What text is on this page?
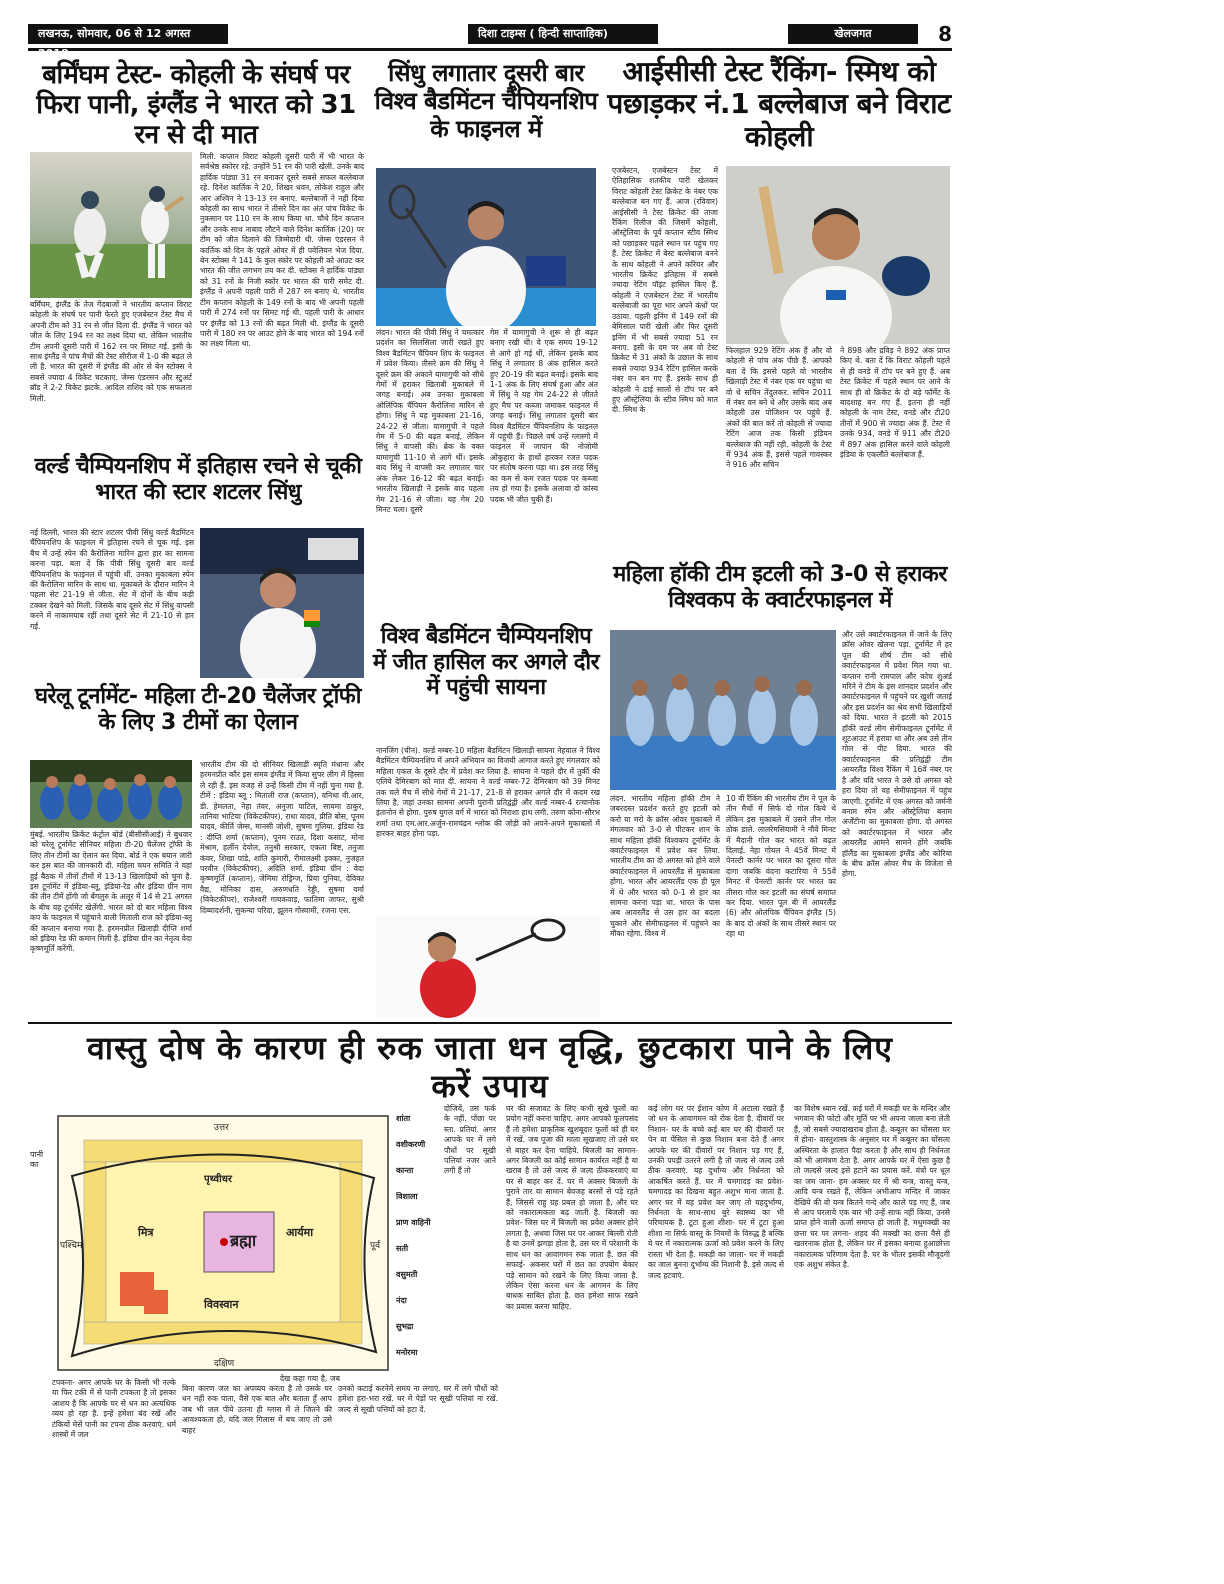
लखनऊ, सोमवार, 06 से 12 अगस्त 2018
दिशा टाइम्स ( हिन्दी साप्ताहिक)	खेलजगत	8
बर्मिंघम टेस्ट- कोहली के संघर्ष पर फिरा पानी, इंग्लैंड ने भारत को 31 रन से दी मात
बर्मिंघम, इंग्लैंड के तेज गेंदबाजों ने भारतीय कप्तान विराट कोहली के संघर्ष पर पानी फेरते हुए एजबेस्टन टेस्ट मैच में अपनी टीम को 31 रन से जीत दिला दी. इंग्लैंड ने भारत को जीत के लिए 194 रन का लक्ष्य दिया था. लेकिन भारतीय टीम अपनी दूसरी पारी में 162 रन पर सिमट गई. इसी के साथ इंग्लैंड ने पांच मैचों की टेस्ट सीरीज में 1-0 की बढ़त ले ली है. भारत की दूसरी में इंग्लैंड की ओर से बेन स्टोक्स ने सबसे ज्यादा 4 विकेट चटकाए. जेम्स एंडरसन और स्टुअर्ट ब्रॉड ने 2-2 विकेट झटके. आदिल राशिद को एक सफलता मिली.
मिली. कप्तान विराट कोहली दूसरी पारी में भी भारत के सर्वश्रेष्ठ स्कोरर रहे. उन्होंने 51 रन की पारी खेली. उनके बाद हार्दिक पांड्या 31 रन बनाकर दूसरे सबसे सफल बल्लेबाज रहे. दिनेश कार्तिक ने 20, शिखर धवन, लोकेश राहुल और आर अश्विन ने 13-13 रन बनाए. बल्लेबाजों ने नहीं दिया कोहली का साथ भारत ने तीसरे दिन का अंत पांच विकेट के नुकसान पर 110 रन के साथ किया था. चौथे दिन कप्तान और उनके साथ नाबाद लौटने वाले दिनेश कार्तिक (20) पर टीम को जीत दिलाने की जिम्मेदारी थी. जेम्स एंडरसन ने कार्तिक को दिन के पहले ओवर में ही पवेलियन भेज दिया. बेन स्टोक्स ने 141 के कुल स्कोर पर कोहली को आउट कर भारत की जीत लगभग तय कर दी. स्टोक्स ने हार्दिक पांड्या को 31 रनों के निजी स्कोर पर भारत की पारी समेट दी. इंग्लैंड ने अपनी पहली पारी में 287 रन बनाए थे. भारतीय टीम कप्तान कोहली के 149 रनों के बाद भी अपनी पहली पारी में 274 रनों पर सिमट गई थी. पहली पारी के आधार पर इंग्लैंड को 13 रनों की बढ़त मिली थी. इंग्लैंड के दूसरी पारी में 180 रन पर आउट होने के बाद भारत को 194 रनों का लक्ष्य मिला था.
वर्ल्ड चैम्पियनशिप में इतिहास रचने से चूकी भारत की स्टार शटलर सिंधु
नई दिल्ली. भारत की स्टार शटलर पीवी सिंधु वर्ल्ड बैडमिंटन चैंपियनशिप के फाइनल में इतिहास रचने से चूक गई. इस बैच में उन्हें स्पेन की कैरोलिना मारिन द्वारा हार का सामना करना पड़ा. बता दें कि पीवी सिंधु दूसरी बार वर्ल्ड चैंपियनशिप के फाइनल में पहुंची थीं. उनका मुकाबला स्पेन की कैरोलिना मारिन के साथ था. मुकाबले के दौरान मारिन ने पहला सेट 21-19 से जीता. सेट में दोनों के बीच कड़ी टक्कर देखने को मिली. जिसके बाद दूसरे सेट में सिंधु वापसी करने में नाकामयाब रहीं तथा दूसरे सेट में 21-10 से हार गईं.
घरेलू टूर्नामेंट- महिला टी-20 चैलेंजर ट्रॉफी के लिए 3 टीमों का ऐलान
मुंबई. भारतीय क्रिकेट कंट्रोल बोर्ड (बीसीसीआई) ने बुधवार को घरेलू टूर्नामेंट सीनियर महिला टी-20 चैलेंजर ट्रॉफी के लिए तीन टीमों का ऐलान कर दिया. बोर्ड ने एक बयान जारी कर इस बात की जानकारी दी. महिला चयन समिति ने यहां हुई बैठक में तीनों टीमों में 13-13 खिलाड़ियों को चुना है. इस टूर्नामेंट में इंडिया-ब्लू, इंडिया-रेड और इंडिया ग्रीन नाम की तीन टीमें होंगी जो बेंगलुरु के अलूर में 14 से 21 अगस्त के बीच यह टूर्नामेंट खेलेंगी. भारत को दो बार महिला विश्व कप के फाइनल में पहुंचाने वाली मिताली राज को इंडिया-ब्लू की कप्तान बनाया गया है. हरमनप्रीत खिलाड़ी दीप्ति शर्मा को इंडिया रेड की कमान मिली है. इंडिया ग्रीन का नेतृत्व वेदा कृष्णमूर्ति करेंगी.
भारतीय टीम की दो सीनियर खिलाड़ी स्मृति मंधाना और हरमनप्रीत कौर इस समय इंग्लैंड में किया सुपर लीग में हिस्सा ले रही हैं. इस वजह से उन्हें किसी टीम में नहीं चुना गया है. टीमें : इंडिया ब्लू : मिताली राज (कप्तान), वनिथा वी.आर, डी. हेमलता, नेहा तंवर, अनुजा पाटिल, सायमा ठाकुर, तानिया भाटिया (विकेटकीपर), राधा यादव, प्रीति बोस, पूनम यादव, कीर्ति जेम्स, मानसी जोशी, सुषमा गुलिया. इंडिया रेड : दीप्ति शर्मा (कप्तान), पूनम राउत, दिशा कसाट, मोना मेश्राम, हर्लीन देयोल, तनुश्री सरकार, एकता बिष्ट, तनुजा कंवर, शिखा पांडे, शांति कुमारी, रीमालक्ष्मी इक्का, नुजहत परवीन (विकेटकीपर), अदिति शर्मा. इंडिया ग्रीन : वेदा कृष्णमूर्ति (कप्तान), जेमिमा रोड्रिग्ज, प्रिया पुनिया, देविका वैद्य, मोनिका दास, अरुणधति रेड्डी, सुषमा वर्मा (विकेटकीपर), राजेश्वरी गायकवाड़, फातिमा जाफर, सुश्री दिब्यादर्शनी, सुकन्या परिदा, झूलन गोस्वामी, रजना एस.
सिंधु लगातार दूसरी बार विश्व बैडमिंटन चैंपियनशिप के फाइनल में
लंदन। भारत की पीवी सिंधु ने चमत्कार प्रदर्शन का सिलसिला जारी रखते हुए विश्व बैडमिंटन चैंपियन शिप के फाइनल में प्रवेश किया। तीसरे क्रम की सिंधु ने दूसरे क्रम की अकाने यामागुची को सीधे गेमों में हराकर खिताबी मुकाबले में जगह बनाई। अब उनका मुकाबला ओलिंपिक चैंपियन कैरोलिना मारिन से होगा। सिंधु ने यह मुकाबला 21-16, 24-22 से जीता। यामागुची ने पहले गेम में 5-0 की बढ़त बनाई, लेकिन सिंधु ने वापसी की। ब्रेक के वक्त यामागुची 11-10 से आगे थीं। इसके बाद सिंधु ने वापसी कर लगातार चार अंक लेकर 16-12 की बढ़त बनाई। भारतीय खिलाड़ी ने इसके बाद पहला गेम 21-16 से जीता। यह गेम 20 मिनट चला। दूसरे
गेम में यामागुची ने शुरू से ही बढ़त बनाए रखी थी। वे एक समय 19-12 से आगे हो गई थीं, लेकिन इसके बाद सिंधु ने लगातार 8 अंक हासिल करते हुए 20-19 की बढ़त बनाई। इसके बाद 1-1 अंक के लिए संघर्ष हुआ और अंत में सिंधु ने यह गेम 24-22 से जीतते हुए मैच पर कब्जा जमाकर फाइनल में जगह बनाई। सिंधु लगातार दूसरी बार विश्व बैडमिंटन चैंपियनशिप के फाइनल में पहुंची हैं। पिछले वर्ष उन्हें ग्लास्गो में फाइनल में जापान की नोजोमी ओकुहारा के हाथों हारकर रजत पदक पर संतोष करना पड़ा था। इस तरह सिंधु का कम से कम रजत पदक पर कब्जा तय हो गया है। इसके अलावा दो कांस्य पदक भी जीत चुकी हैं।
विश्व बैडमिंटन चैम्पियनशिप में जीत हासिल कर अगले दौर में पहुंची सायना
नानजिंग (चीन). वर्ल्ड नम्बर-10 महिला बैडमिंटन खिलाड़ी सायना नेहवाल ने विश्व बैडमिंटन चैम्पियनशिप में अपने अभियान का विजयी आगाज करते हुए मंगलवार को महिला एकल के दूसरे दौर में प्रवेश कर लिया है. सायना ने पहले दौर में तुर्की की एलिये देमिरबाग को मात दी. सायना ने वर्ल्ड नम्बर-72 देमिरबाग को 39 मिनट तक चले मैच में सीधे गेमों में 21-17, 21-8 से हराकर अगले दौर में कदम रख लिया है, जहां उनका सामना अपनी पुरानी प्रतिद्वंद्वी और वर्ल्ड नम्बर-4 रत्चानोक इंतानोन से होगा. पुरुष युगल वर्ग में भारत को निराशा हाथ लगी. तरुण कोना-सौरभ शर्मा तथा एम.आर.अर्जुन-रामचंद्रन श्लोक की जोड़ी को अपने-अपने मुकाबलों में हारकर बाहर होना पड़ा.
आईसीसी टेस्ट रैंकिंग- स्मिथ को पछाड़कर नं.1 बल्लेबाज बने विराट कोहली
एजबेस्टन, एजबेस्टन टेस्ट में ऐतिहासिक शतकीय पारी खेलकर विराट कोहली टेस्ट क्रिकेट के नंबर एक बल्लेबाज बन गए हैं. आज (रविवार) आईसीसी ने टेस्ट क्रिकेट की ताजा रैंकिंग रिलीज की जिसमें कोहली, ऑस्ट्रेलिया के पूर्व कप्तान स्टीव स्मिथ को पछाड़कर पहले स्थान पर पहुंच गए हैं. टेस्ट क्रिकेट में बेस्ट बल्लेबाज बनने के साथ कोहली ने अपने करियर और भारतीय क्रिकेट इतिहास में सबसे ज्यादा रेटिंग पॉइंट हासिल किए हैं. कोहली ने एजबेस्टन टेस्ट में भारतीय बल्लेबाजी का पूरा भार अपने कंधों पर उठाया. पहली इनिंग में 149 रनों की बेमिसाल पारी खेली और फिर दूसरी इनिंग में भी सबसे ज्यादा 51 रन बनाए. इसी के दम पर अब वो टेस्ट क्रिकेट में 31 अंकों के उछाल के साथ सबसे ज्यादा 934 रेटिंग हासिल करके नंबर वन बन गए हैं. इसके साथ ही कोहली ने ढाई सालों से टॉप पर बने हुए ऑस्ट्रेलिया के स्टीव स्मिथ को मात दी. स्मिथ के
फिलहाल 929 रेटिंग अंक हैं और वो कोहली से पांच अंक पीछे हैं. आपको बता दें कि इससे पहले वो भारतीय खिलाड़ी टेस्ट में नंबर एक पर पहुंचा था वो थे सचिन तेंदुलकर. सचिन 2011 में नंबर वन बने थे और उसके बाद अब कोहली उस पोजिशन पर पहुंचे हैं. अंकों की बात करें तो कोहली से ज्यादा रेटिंग आज तक किसी इंडियन बल्लेबाज की नहीं रही. कोहली के टेस्ट में 934 अंक हैं, इससे पहले गावस्कर ने 916 और सचिन
ने 898 और द्रविड़ ने 892 अंक प्राप्त किए थे. बता दें कि विराट कोहली पहले से ही वनडे में टॉप पर बने हुए हैं. अब टेस्ट क्रिकेट में पहले स्थान पर आने के साथ ही वो क्रिकेट के दो बड़े फॉर्मेट के बादशाह बन गए हैं. इतना ही नहीं कोहली के नाम टेस्ट, वनडे और टी20 तीनों में 900 से ज्यादा अंक हैं. टेस्ट में उनके 934, वनडे में 911 और टी20 में 897 अंक हासिल करने वाले कोहली इंडिया के एकलौते बल्लेबाज हैं.
महिला हॉकी टीम इटली को 3-0 से हराकर विश्वकप के क्वार्टरफाइनल में
और उसे क्वार्टरफाइनल में जाने के लिए क्रॉस ओवर खेलना पड़ा. टूर्नामेंट में हर पूल की शीर्ष टीम को सीधे क्वार्टरफाइनल में प्रवेश मिल गया था. कप्तान रानी रामपाल और कोच शुअर्ड मरिने ने टीम के इस शानदार प्रदर्शन और क्वार्टरफाइनल में पहुंचने पर खुशी जताई और इस प्रदर्शन का श्रेय सभी खिलाड़ियों को दिया. भारत ने इटली को 2015 हॉकी वर्ल्ड लीग सेमीफाइनल टूर्नामेंट में शूटआउट में हराया था और अब उसे तीन गोल से पीट दिया. भारत की क्वार्टरफाइनल की प्रतिद्वंद्वी टीम आयरलैंड विश्व रैंकिंग में 16वें नंबर पर है और यदि भारत ने उसे दो अगस्त को हरा दिया तो वह सेमीफाइनल में पहुंच जाएगी. टूर्नामेंट में एक अगस्त को जर्मनी बनाम स्पेन और ऑस्ट्रेलिया बनाम अर्जेंटीना का मुकाबला होगा. दो अगस्त को क्वार्टरफाइनल में भारत और आयरलैंड आमने सामने होंगे जबकि हॉलैंड का मुकाबला इंग्लैंड और कोरिया के बीच क्रॉस ओवर मैच के विजेता से होगा.
लंदन. भारतीय महिला हॉकी टीम ने जबरदस्त प्रदर्शन करते हुए इटली को करो या मरो के क्रॉस ओवर मुकाबले में मंगलवार को 3-0 से पीटकर शान के साथ महिला हॉकी विश्वकप टूर्नामेंट के क्वार्टरफाइनल में प्रवेश कर लिया. भारतीय टीम का दो अगस्त को होने वाले क्वार्टरफाइनल में आयरलैंड से मुकाबला होगा. भारत और आयरलैंड एक ही पूल में थे और भारत को 0-1 से हार का सामना करना पड़ा था. भारत के पास अब आयरलैंड से उस हार का बदला चुकाने और सेमीफाइनल में पहुंचने का मौका रहेगा. विश्व में
10 वीं रैंकिंग की भारतीय टीम ने पूल के तीन मैचों में सिर्फ दो गोल किये थे लेकिन इस मुकाबले में उसने तीन गोल ठोक डाले. लालरेमसियामी ने नौवें मिनट में मैदानी गोल कर भारत को बढ़त दिलाई. नेहा गोयल ने 45वें मिनट में पेनल्टी कार्नर पर भारत का दूसरा गोल दागा जबकि वंदना कटारिया ने 55वें मिनट में पेनल्टी कार्नर पर भारत का तीसरा गोल कर इटली का संघर्ष समाप्त कर दिया. भारत पूल बी में आयरलैंड (6) और ओलंपिक चैंपियन इंग्लैंड (5) के बाद दो अंकों के साथ तीसरे स्थान पर रहा था
वास्तु दोष के कारण ही रुक जाता धन वृद्धि, छुटकारा पाने के लिए
करें उपाय
ब्रह्मा
मित्र	आर्यमा
विवस्वान
पृथ्वीधर
उत्तर
दक्षिण
पूर्व
पश्चिम
पानी का
शांता
वशीकरणी
कान्ता
विशाला
प्राण वाहिनी
सती
वसुमती
नंदा
सुभद्रा
मनोरमा
दोजियें, उस फर्क के नहीं. पोंछा पर स्ता. प्रतियां. अगर आपके घर में लगे पौधों पर सूखी पत्तियां नजर आने लगी हैं तो
घर की सजावट के लिए कभी सूखे फूलों का प्रयोग नहीं करना चाहिए. अगर आपको फूलपसंद हैं तो हमेशा प्राकृतिक खुशबूदार फूलों को ही घर में रखें. जब पूजा की माला सूखजाए तो उसे घर से बाहर कर देना चाहिये. बिजली का सामान- अगर बिजली का कोई सामान कार्यरत नहीं है या खराब है तो उसे जल्द से जल्द ठीककरवाएं या घर से बाहर कर दें. घर में अक्सर बिजली के पुराने तार या सामान बेवजह बरसों से पड़े रहते हैं, जिससे राहु ग्रह प्रबल हो जाता है, और घर को नकारात्मकता बढ़ जाती है. बिजली का प्रवेश- जिस घर में बिजली का प्रवेश अक्सर होने लगता है, अथवा जिस घर पर आकर बिल्ली रोती है या उनमें झगड़ा होता है, उस घर में परेशानी के साथ धन का आवागमन रुक जाता है. छत की सफाई- अकसर घरों में छत का उपयोग बेकार पड़े सामान को रखने के लिए किया जाता है. लेकिन ऐसा करना धन के आगमन के लिए बाधक साबित होता है. छत हमेशा साफ रखने का प्रयास करना चाहिए.
कई लोग घर पर ईशान कोण में अटाला रखते हैं जो धन के आवागमन को रोक देता है. दीवारों पर निशान- घर के बच्चे कई बार घर की दीवारों पर पेन या पेंसिल से कुछ निशान बना देते हैं अगर आपके घर की दीवारों पर निशान पड़ गए हैं, उनकी पपड़ी उतरने लगी है तो जल्द से जल्द उसे ठीक करवाएं. यह दुर्भाग्य और निर्धनता को आकर्षित करते हैं. घर में चमगादड़ का प्रवेश- चमगादड़ का दिखना बहुत अशुभ माना जाता है. अगर घर में यह प्रवेश कर जाए तो यहदुर्भाग्य, निर्धनता के साथ-साथ बुरे स्वास्थ्य का भी परिचायक है. टूटा हुआ शीशा- घर में टूटा हुआ शीशा ना सिर्फ वास्तु के नियमों के विरुद्ध है बल्कि ये घर में नकारात्मक ऊर्जा को प्रवेश करने के लिए रास्ता भी देता है. मकड़ी का जाला- घर में मकड़ी का जाल बुनना दुर्भाग्य की निशानी है. इसे जल्द से जल्द हटवाएं.
का विशेष ध्यान रखें. कई घरों में मकड़ी घर के मन्दिर और भगवान की फोटो और मूर्ति पर भी अपना जाला बना लेती हैं, जो सबसे ज्यादाखराब होता है. कबूतर का घोंसला घर में होना- वास्तुशास्त्र के अनुसार घर में कबूतर का घोंसला अस्थिरता के हालात पैदा करता है और साथ ही निर्धनता को भी आमंत्रण देता है. अगर आपके घर में ऐसा कुछ है तो जल्दसे जल्द इसे हटाने का प्रयास करें. यंत्रों पर धूल का जम जाना- हम अक्सर घर में श्री यन्त्र, वास्तु यन्त्र, आदि यन्त्र रखते हैं, लेकिन अभीआप मन्दिर में जाकर देखिये की वो यन्त्र कितने गन्दे और काले पड़ गए हैं, जब से आप घरलाये एक बार भी उन्हें साफ नहीं किया, उनसे प्राप्त होने वाली ऊर्जा समाप्त हो जाती है. मधुमक्खी का छत्ता घर पर लगना- शहद की मक्खी का छत्ता वैसे ही खतरनाक होता है, लेकिन घर में इसका बनाया हुआछोत्ता नकारात्मक परिणाम देता है. घर के भीतर इसकी मौजूदगी एक अशुभ संकेत है.
टपकना- अगर आपके घर के किसी भी नल्के या फिर टकी में से पानी टपकता है तो इसका आशय है कि आपके घर से धन का अत्यधिक व्यय हो रहा है. इन्हें हमेशा बंद रखें और टंकियों मेसें पानी का टपना ठीक करवाएं. धर्म शास्त्रों में जल
बिना कारण जल का अपव्यय करता है तो उसके घर धन नहीं रुक पाता, वैसे एक बात और बताता हूँ आप जब भी जल पीये उतना ही ग्लास में ले जितने की आवश्यकता हो, यदि जल गिलास में बच जाए तो उसे बाहर
उनको कटाई करनेमें समय ना लगाएं. घर में लगे पौधों को हमेशा हरा-भरा रखें. घर में पेड़ों पर सूखी पत्तियां ना रखें. जल्द से सूखी पत्तियों को हटा दें.
देख कहा गया है, जब
